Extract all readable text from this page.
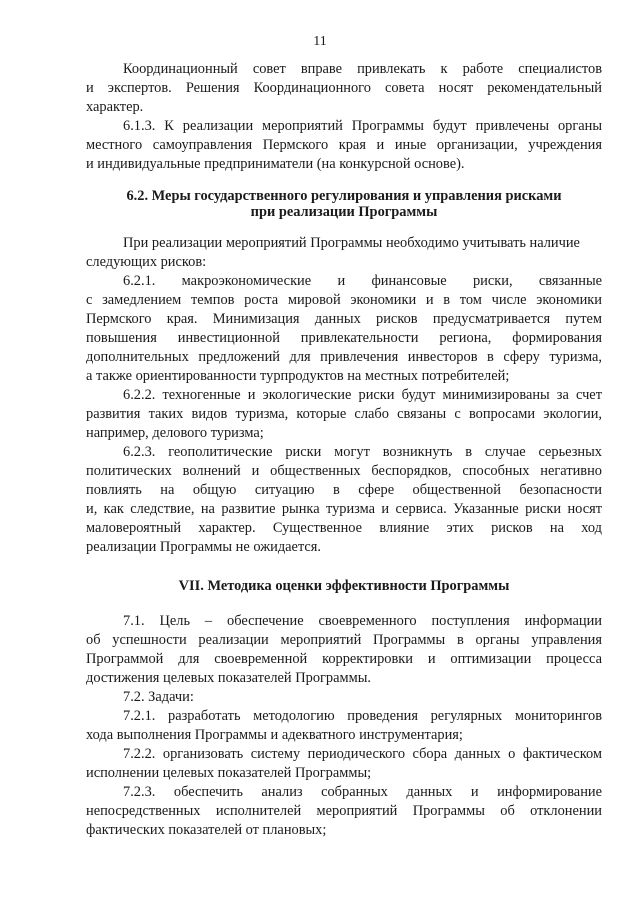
11
Координационный совет вправе привлекать к работе специалистов
и экспертов. Решения Координационного совета носят рекомендательный
характер.
6.1.3. К реализации мероприятий Программы будут привлечены органы
местного самоуправления Пермского края и иные организации, учреждения
и индивидуальные предприниматели (на конкурсной основе).
6.2. Меры государственного регулирования и управления рисками
при реализации Программы
При реализации мероприятий Программы необходимо учитывать наличие
следующих рисков:
6.2.1. макроэкономические и финансовые риски, связанные
с замедлением темпов роста мировой экономики и в том числе экономики
Пермского края. Минимизация данных рисков предусматривается путем
повышения инвестиционной привлекательности региона, формирования
дополнительных предложений для привлечения инвесторов в сферу туризма,
а также ориентированности турпродуктов на местных потребителей;
6.2.2. техногенные и экологические риски будут минимизированы за счет
развития таких видов туризма, которые слабо связаны с вопросами экологии,
например, делового туризма;
6.2.3. геополитические риски могут возникнуть в случае серьезных
политических волнений и общественных беспорядков, способных негативно
повлиять на общую ситуацию в сфере общественной безопасности
и, как следствие, на развитие рынка туризма и сервиса. Указанные риски носят
маловероятный характер. Существенное влияние этих рисков на ход
реализации Программы не ожидается.
VII. Методика оценки эффективности Программы
7.1. Цель – обеспечение своевременного поступления информации
об успешности реализации мероприятий Программы в органы управления
Программой для своевременной корректировки и оптимизации процесса
достижения целевых показателей Программы.
7.2. Задачи:
7.2.1. разработать методологию проведения регулярных мониторингов
хода выполнения Программы и адекватного инструментария;
7.2.2. организовать систему периодического сбора данных о фактическом
исполнении целевых показателей Программы;
7.2.3. обеспечить анализ собранных данных и информирование
непосредственных исполнителей мероприятий Программы об отклонении
фактических показателей от плановых;
